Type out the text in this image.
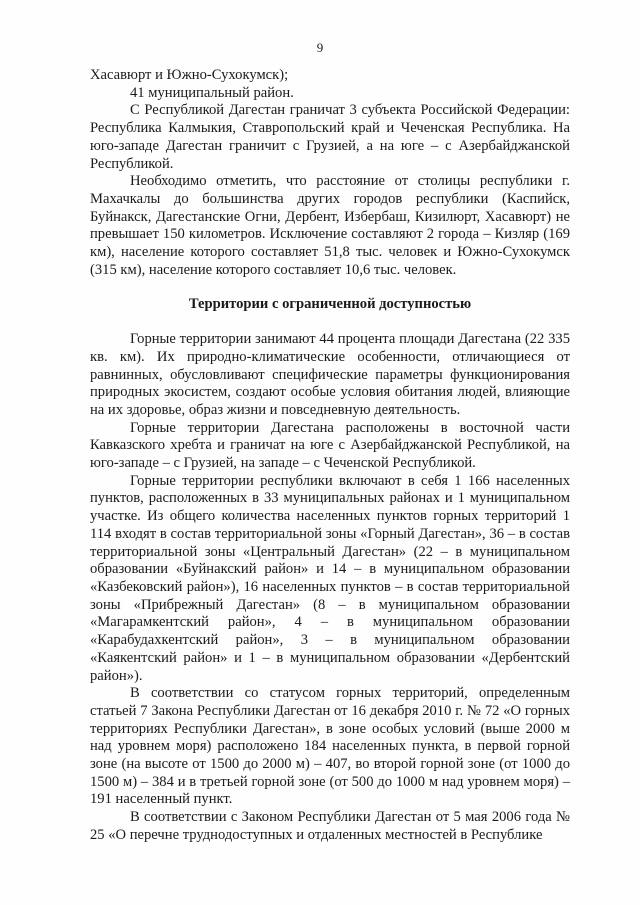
9

Хасавюрт и Южно-Сухокумск);

41 муниципальный район.

С Республикой Дагестан граничат 3 субъекта Российской Федерации: Республика Калмыкия, Ставропольский край и Чеченская Республика. На юго-западе Дагестан граничит с Грузией, а на юге – с Азербайджанской Республикой.

Необходимо отметить, что расстояние от столицы республики г. Махачкалы до большинства других городов республики (Каспийск, Буйнакск, Дагестанские Огни, Дербент, Избербаш, Кизилюрт, Хасавюрт) не превышает 150 километров. Исключение составляют 2 города – Кизляр (169 км), население которого составляет 51,8 тыс. человек и Южно-Сухокумск (315 км), население которого составляет 10,6 тыс. человек.

Территории с ограниченной доступностью

Горные территории занимают 44 процента площади Дагестана (22 335 кв. км). Их природно-климатические особенности, отличающиеся от равнинных, обусловливают специфические параметры функционирования природных экосистем, создают особые условия обитания людей, влияющие на их здоровье, образ жизни и повседневную деятельность.

Горные территории Дагестана расположены в восточной части Кавказского хребта и граничат на юге с Азербайджанской Республикой, на юго-западе – с Грузией, на западе – с Чеченской Республикой.

Горные территории республики включают в себя 1 166 населенных пунктов, расположенных в 33 муниципальных районах и 1 муниципальном участке. Из общего количества населенных пунктов горных территорий 1 114 входят в состав территориальной зоны «Горный Дагестан», 36 – в состав территориальной зоны «Центральный Дагестан» (22 – в муниципальном образовании «Буйнакский район» и 14 – в муниципальном образовании «Казбековский район»), 16 населенных пунктов – в состав территориальной зоны «Прибрежный Дагестан» (8 – в муниципальном образовании «Магарамкентский район», 4 – в муниципальном образовании «Карабудахкентский район», 3 – в муниципальном образовании «Каякентский район» и 1 – в муниципальном образовании «Дербентский район»).

В соответствии со статусом горных территорий, определенным статьей 7 Закона Республики Дагестан от 16 декабря 2010 г. № 72 «О горных территориях Республики Дагестан», в зоне особых условий (выше 2000 м над уровнем моря) расположено 184 населенных пункта, в первой горной зоне (на высоте от 1500 до 2000 м) – 407, во второй горной зоне (от 1000 до 1500 м) – 384 и в третьей горной зоне (от 500 до 1000 м над уровнем моря) – 191 населенный пункт.

В соответствии с Законом Республики Дагестан от 5 мая 2006 года № 25 «О перечне труднодоступных и отдаленных местностей в Республике
